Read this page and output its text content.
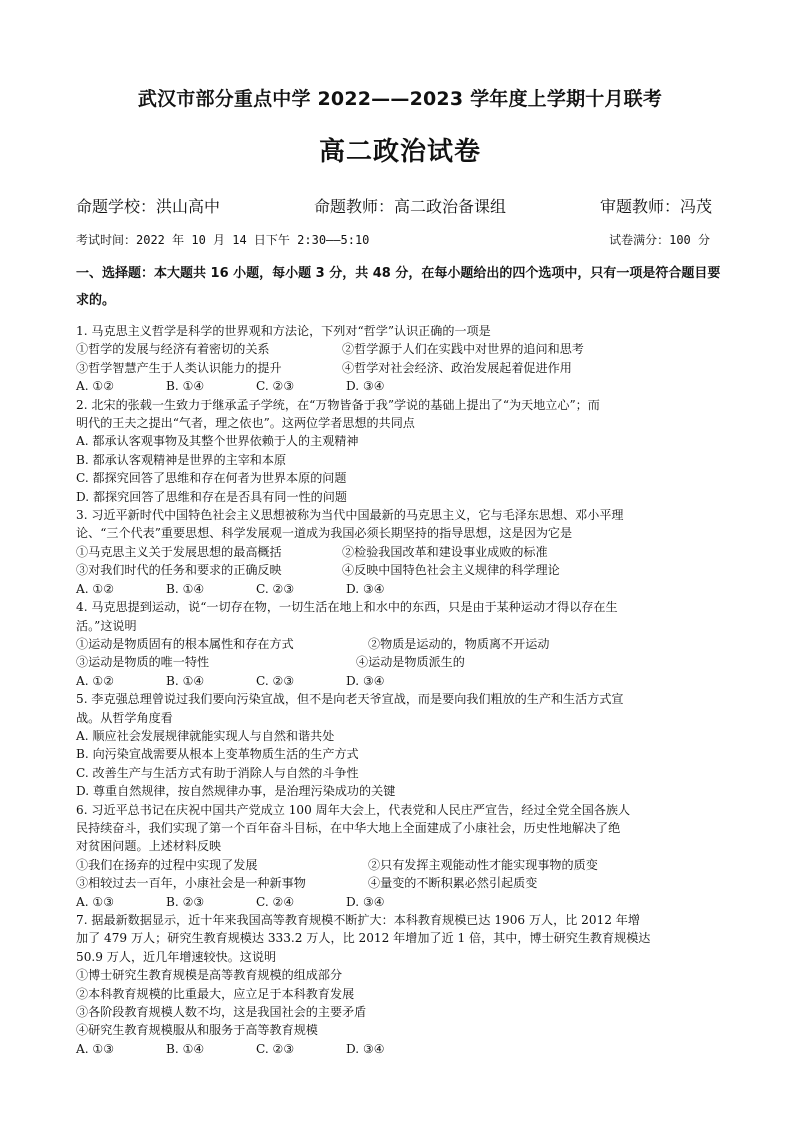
武汉市部分重点中学 2022——2023 学年度上学期十月联考
高二政治试卷
命题学校：洪山高中	命题教师：高二政治备课组	审题教师：冯茂
考试时间：2022 年 10 月 14 日下午 2:30——5:10	试卷满分：100 分
一、选择题：本大题共 16 小题，每小题 3 分，共 48 分，在每小题给出的四个选项中，只有一项是符合题目要求的。
1. 马克思主义哲学是科学的世界观和方法论，下列对“哲学”认识正确的一项是
①哲学的发展与经济有着密切的关系	②哲学源于人们在实践中对世界的追问和思考
③哲学智慧产生于人类认识能力的提升	④哲学对社会经济、政治发展起着促进作用
A. ①②	B. ①④	C. ②③	D. ③④
2. 北宋的张载一生致力于继承孟子学统，在“万物皆备于我”学说的基础上提出了“为天地立心”；而
明代的王夫之提出“气者，理之依也”。这两位学者思想的共同点
A. 都承认客观事物及其整个世界依赖于人的主观精神
B. 都承认客观精神是世界的主宰和本原
C. 都探究回答了思维和存在何者为世界本原的问题
D. 都探究回答了思维和存在是否具有同一性的问题
3. 习近平新时代中国特色社会主义思想被称为当代中国最新的马克思主义，它与毛泽东思想、邓小平理
论、“三个代表”重要思想、科学发展观一道成为我国必须长期坚持的指导思想，这是因为它是
①马克思主义关于发展思想的最高概括	②检验我国改革和建设事业成败的标准
③对我们时代的任务和要求的正确反映	④反映中国特色社会主义规律的科学理论
A. ①②	B. ①④	C. ②③	D. ③④
4. 马克思提到运动，说“一切存在物，一切生活在地上和水中的东西，只是由于某种运动才得以存在生
活。”这说明
①运动是物质固有的根本属性和存在方式	②物质是运动的，物质离不开运动
③运动是物质的唯一特性	④运动是物质派生的
A. ①②	B. ①④	C. ②③	D. ③④
5. 李克强总理曾说过我们要向污染宣战，但不是向老天爷宣战，而是要向我们粗放的生产和生活方式宣
战。从哲学角度看
A. 顺应社会发展规律就能实现人与自然和谐共处
B. 向污染宣战需要从根本上变革物质生活的生产方式
C. 改善生产与生活方式有助于消除人与自然的斗争性
D. 尊重自然规律，按自然规律办事，是治理污染成功的关键
6. 习近平总书记在庆祝中国共产党成立 100 周年大会上，代表党和人民庄严宣告，经过全党全国各族人
民持续奋斗，我们实现了第一个百年奋斗目标，在中华大地上全面建成了小康社会，历史性地解决了绝
对贫困问题。上述材料反映
①我们在扬弃的过程中实现了发展	②只有发挥主观能动性才能实现事物的质变
③相较过去一百年，小康社会是一种新事物	④量变的不断积累必然引起质变
A. ①③	B. ②③	C. ②④	D. ③④
7. 据最新数据显示，近十年来我国高等教育规模不断扩大：本科教育规模已达 1906 万人，比 2012 年增
加了 479 万人；研究生教育规模达 333.2 万人，比 2012 年增加了近 1 倍，其中，博士研究生教育规模达
50.9 万人，近几年增速较快。这说明
①博士研究生教育规模是高等教育规模的组成部分
②本科教育规模的比重最大，应立足于本科教育发展
③各阶段教育规模人数不均，这是我国社会的主要矛盾
④研究生教育规模服从和服务于高等教育规模
A. ①③	B. ①④	C. ②③	D. ③④
